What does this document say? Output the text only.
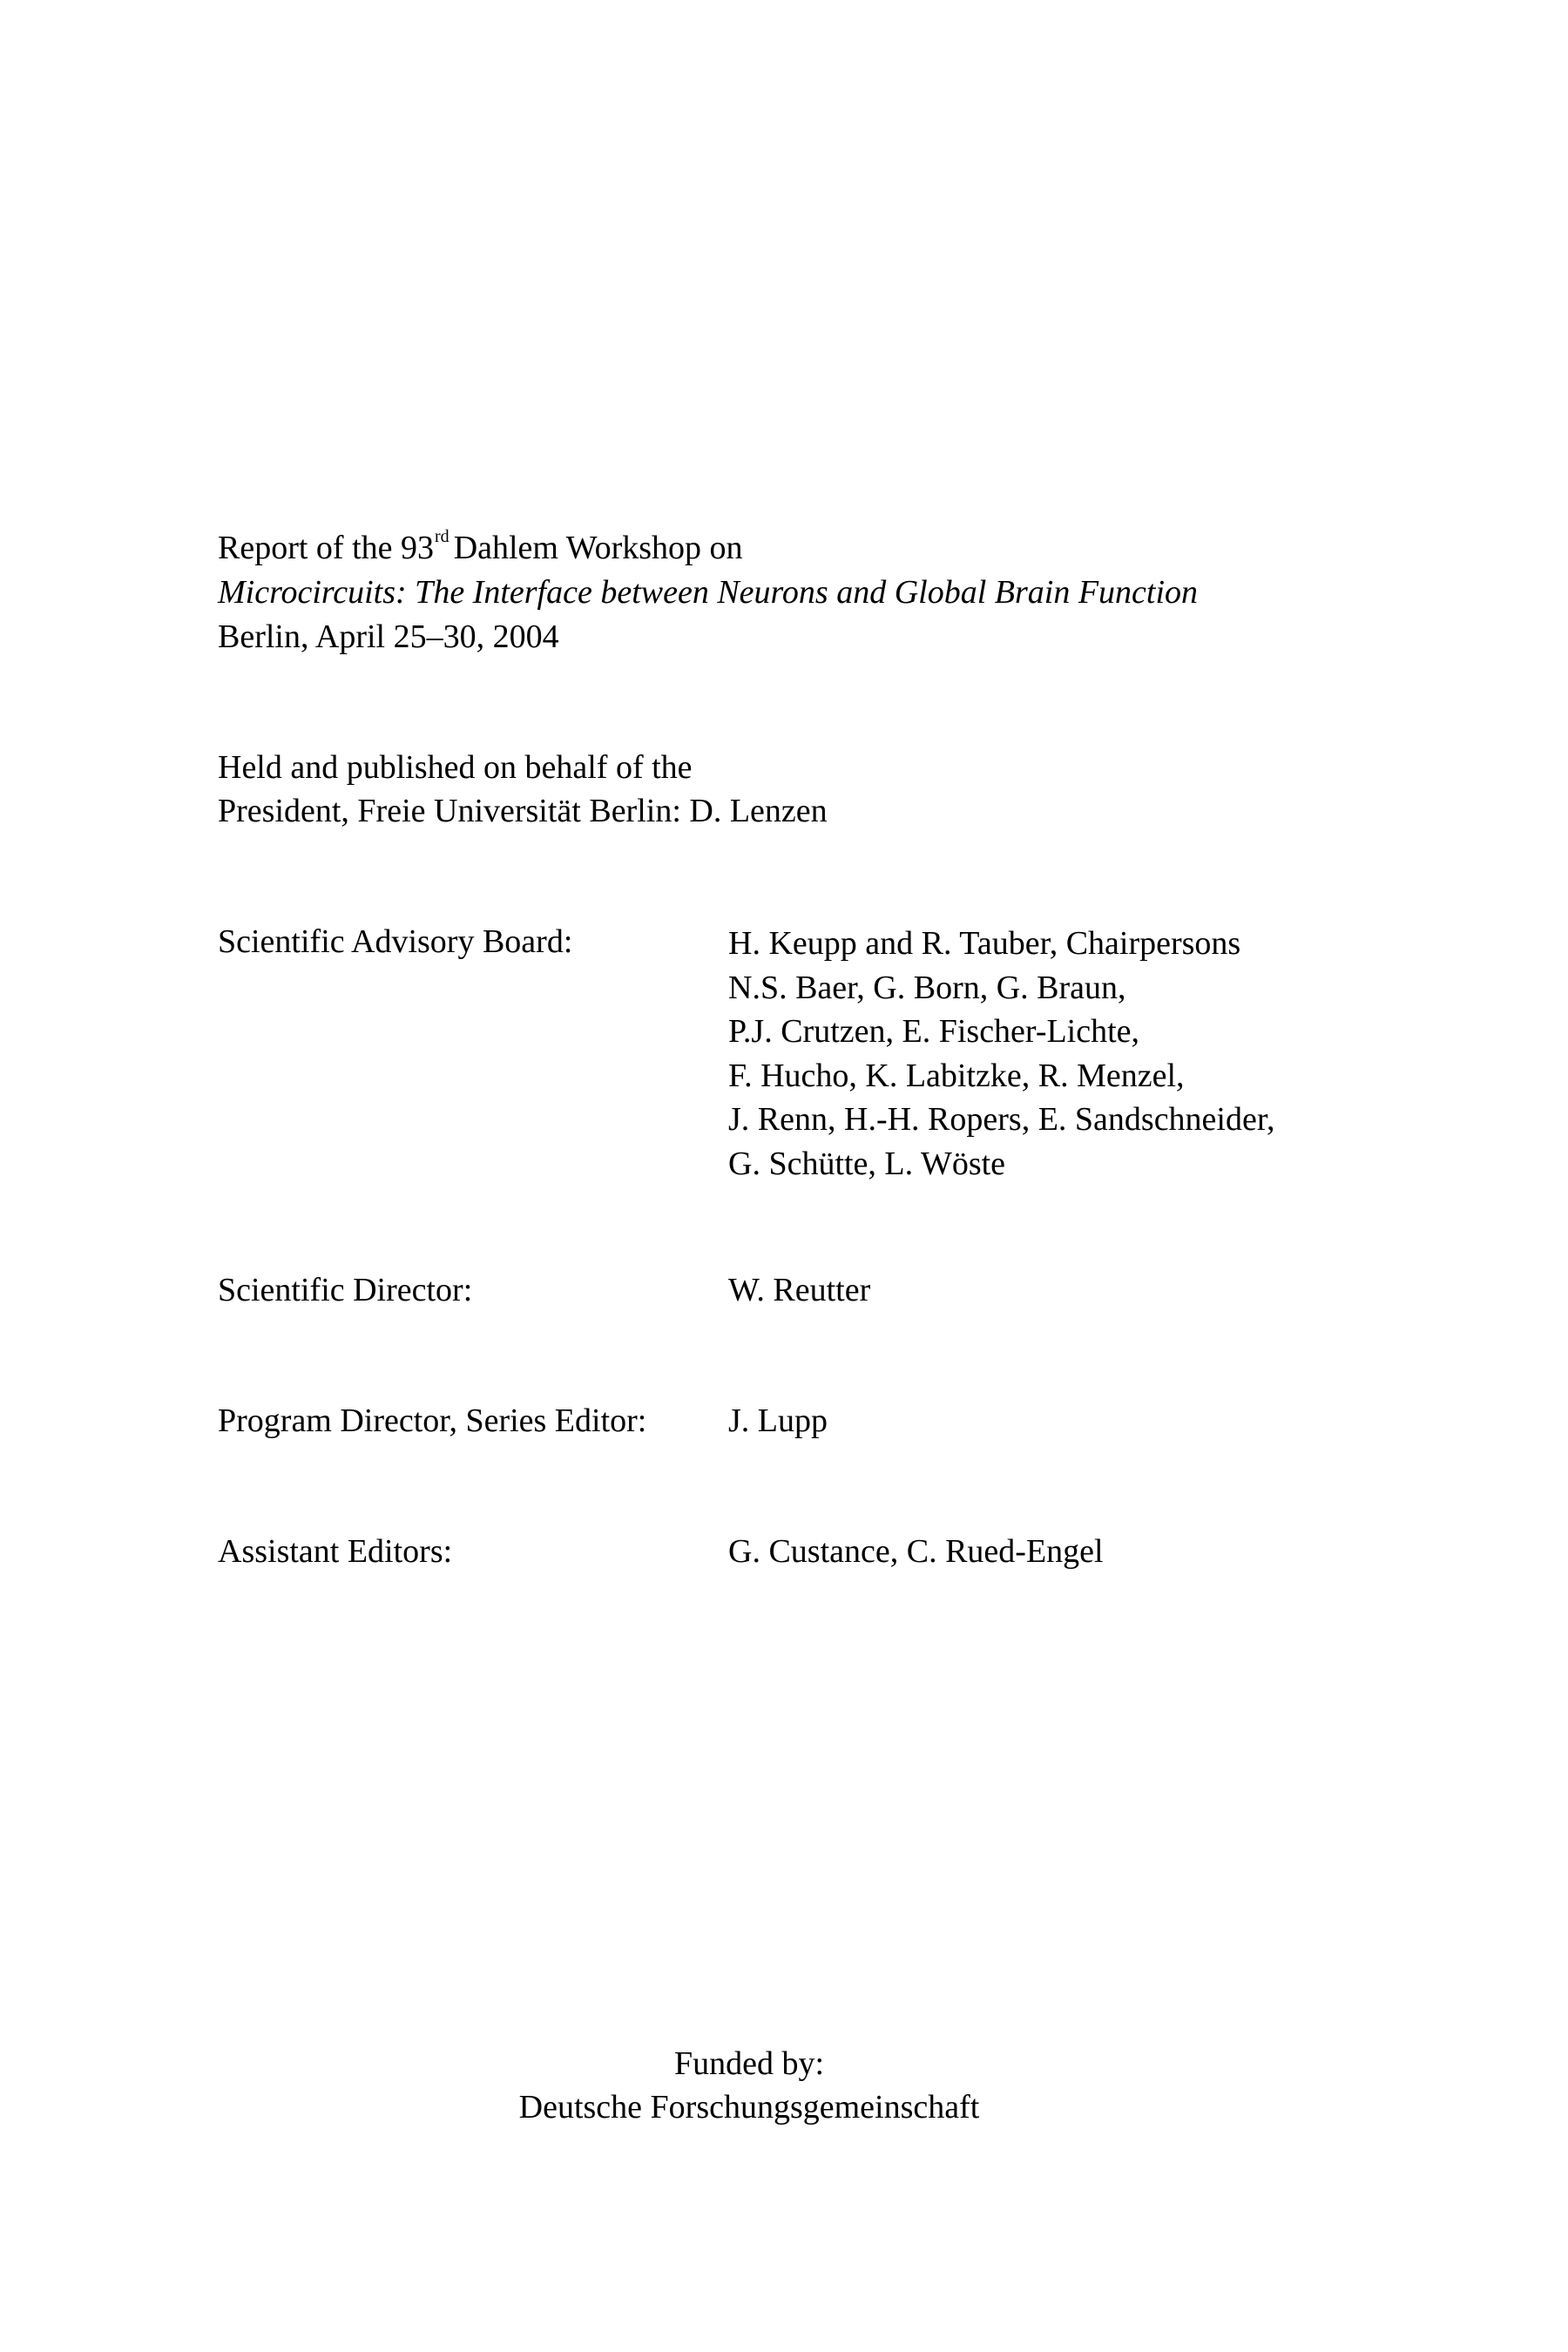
Report of the 93rd Dahlem Workshop on
Microcircuits: The Interface between Neurons and Global Brain Function
Berlin, April 25–30, 2004
Held and published on behalf of the
President, Freie Universität Berlin: D. Lenzen
Scientific Advisory Board:	H. Keupp and R. Tauber, Chairpersons
N.S. Baer, G. Born, G. Braun,
P.J. Crutzen, E. Fischer-Lichte,
F. Hucho, K. Labitzke, R. Menzel,
J. Renn, H.-H. Ropers, E. Sandschneider,
G. Schütte, L. Wöste
Scientific Director:	W. Reutter
Program Director, Series Editor: J. Lupp
Assistant Editors:	G. Custance, C. Rued-Engel
Funded by:
Deutsche Forschungsgemeinschaft
